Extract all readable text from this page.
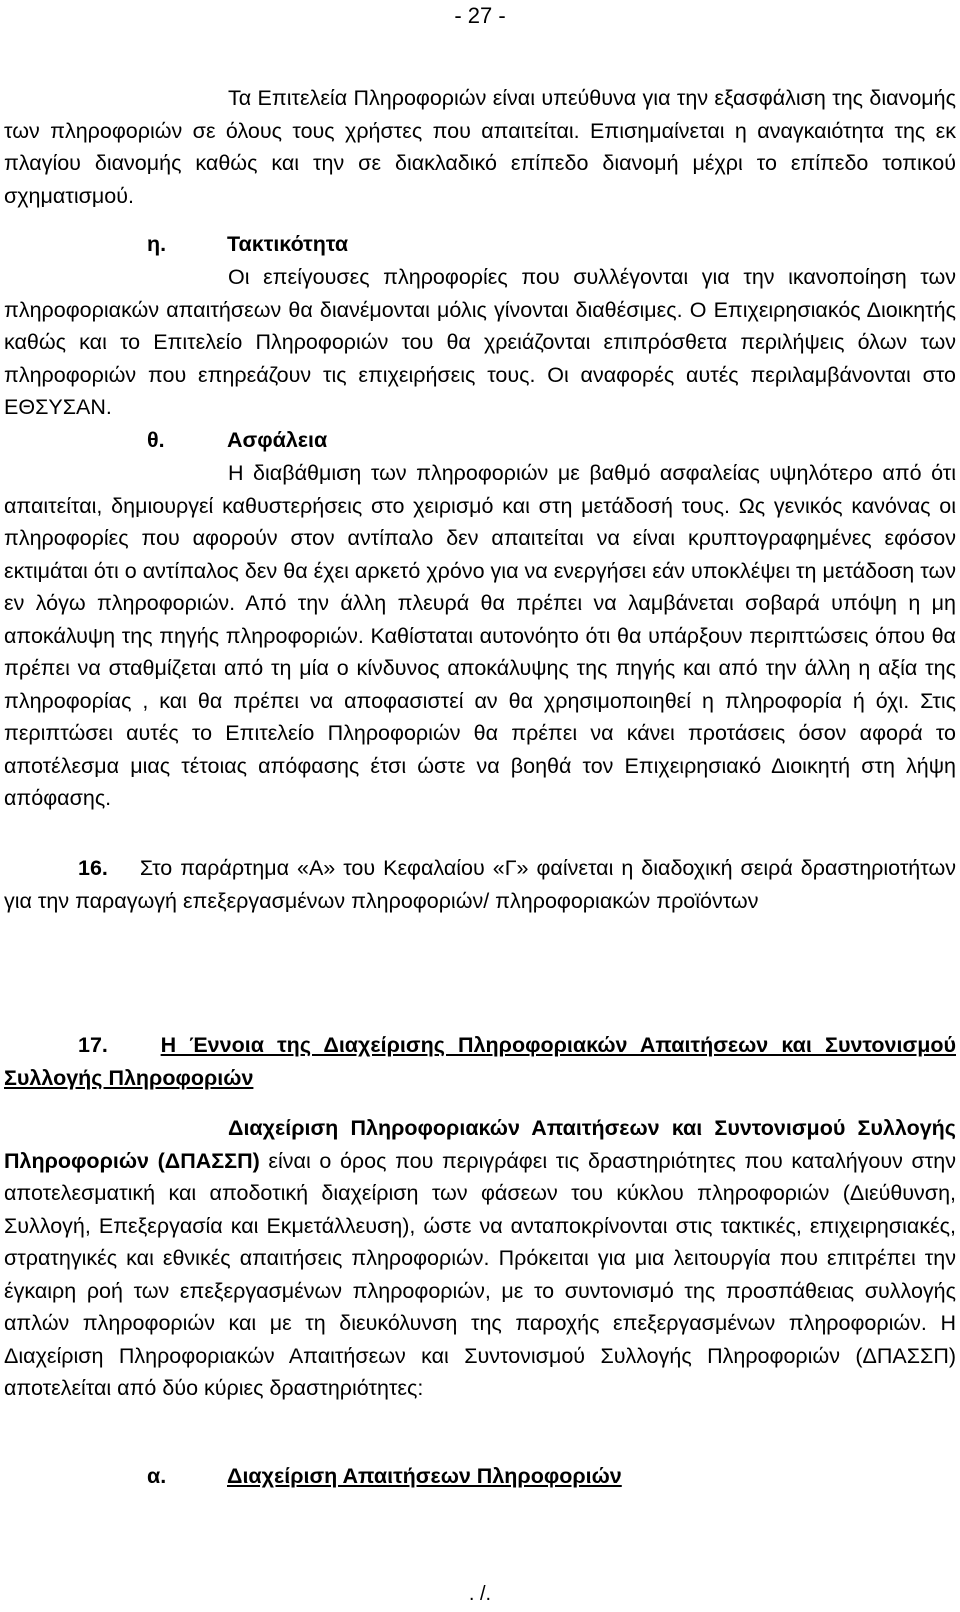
- 27 -
Τα Επιτελεία Πληροφοριών είναι υπεύθυνα για την εξασφάλιση της διανομής των πληροφοριών σε όλους τους χρήστες που απαιτείται. Επισημαίνεται η αναγκαιότητα της εκ πλαγίου διανομής καθώς και την σε διακλαδικό επίπεδο διανομή μέχρι το επίπεδο τοπικού σχηματισμού.
η.	Τακτικότητα
Οι επείγουσες πληροφορίες που συλλέγονται για την ικανοποίηση των πληροφοριακών απαιτήσεων θα διανέμονται μόλις γίνονται διαθέσιμες. Ο Επιχειρησιακός Διοικητής καθώς και το Επιτελείο Πληροφοριών του θα χρειάζονται επιπρόσθετα περιλήψεις όλων των πληροφοριών που επηρεάζουν τις επιχειρήσεις τους. Οι αναφορές αυτές περιλαμβάνονται στο ΕΘΣΥΣΑΝ.
θ.	Ασφάλεια
Η διαβάθμιση των πληροφοριών με βαθμό ασφαλείας υψηλότερο από ότι απαιτείται, δημιουργεί καθυστερήσεις στο χειρισμό και στη μετάδοσή τους. Ως γενικός κανόνας οι πληροφορίες που αφορούν στον αντίπαλο δεν απαιτείται να είναι κρυπτογραφημένες εφόσον εκτιμάται ότι ο αντίπαλος δεν θα έχει αρκετό χρόνο για να ενεργήσει εάν υποκλέψει τη μετάδοση των εν λόγω πληροφοριών. Από την άλλη πλευρά θα πρέπει να λαμβάνεται σοβαρά υπόψη η μη αποκάλυψη της πηγής πληροφοριών. Καθίσταται αυτονόητο ότι θα υπάρξουν περιπτώσεις όπου θα πρέπει να σταθμίζεται από τη μία ο κίνδυνος αποκάλυψης της πηγής και από την άλλη η αξία της πληροφορίας , και θα πρέπει να αποφασιστεί αν θα χρησιμοποιηθεί η πληροφορία ή όχι. Στις περιπτώσει αυτές το Επιτελείο Πληροφοριών θα πρέπει να κάνει προτάσεις όσον αφορά το αποτέλεσμα μιας τέτοιας απόφασης έτσι ώστε να βοηθά τον Επιχειρησιακό Διοικητή στη λήψη απόφασης.
16. Στο παράρτημα «Α» του Κεφαλαίου «Γ» φαίνεται η διαδοχική σειρά δραστηριοτήτων για την παραγωγή επεξεργασμένων πληροφοριών/ πληροφοριακών προϊόντων
17. Η Έννοια της Διαχείρισης Πληροφοριακών Απαιτήσεων και Συντονισμού Συλλογής Πληροφοριών
Διαχείριση Πληροφοριακών Απαιτήσεων και Συντονισμού Συλλογής Πληροφοριών (ΔΠΑΣΣΠ) είναι ο όρος που περιγράφει τις δραστηριότητες που καταλήγουν στην αποτελεσματική και αποδοτική διαχείριση των φάσεων του κύκλου πληροφοριών (Διεύθυνση, Συλλογή, Επεξεργασία και Εκμετάλλευση), ώστε να ανταποκρίνονται στις τακτικές, επιχειρησιακές, στρατηγικές και εθνικές απαιτήσεις πληροφοριών. Πρόκειται για μια λειτουργία που επιτρέπει την έγκαιρη ροή των επεξεργασμένων πληροφοριών, με το συντονισμό της προσπάθειας συλλογής απλών πληροφοριών και με τη διευκόλυνση της παροχής επεξεργασμένων πληροφοριών. Η Διαχείριση Πληροφοριακών Απαιτήσεων και Συντονισμού Συλλογής Πληροφοριών (ΔΠΑΣΣΠ) αποτελείται από δύο κύριες δραστηριότητες:
α.	Διαχείριση Απαιτήσεων Πληροφοριών
. /.
